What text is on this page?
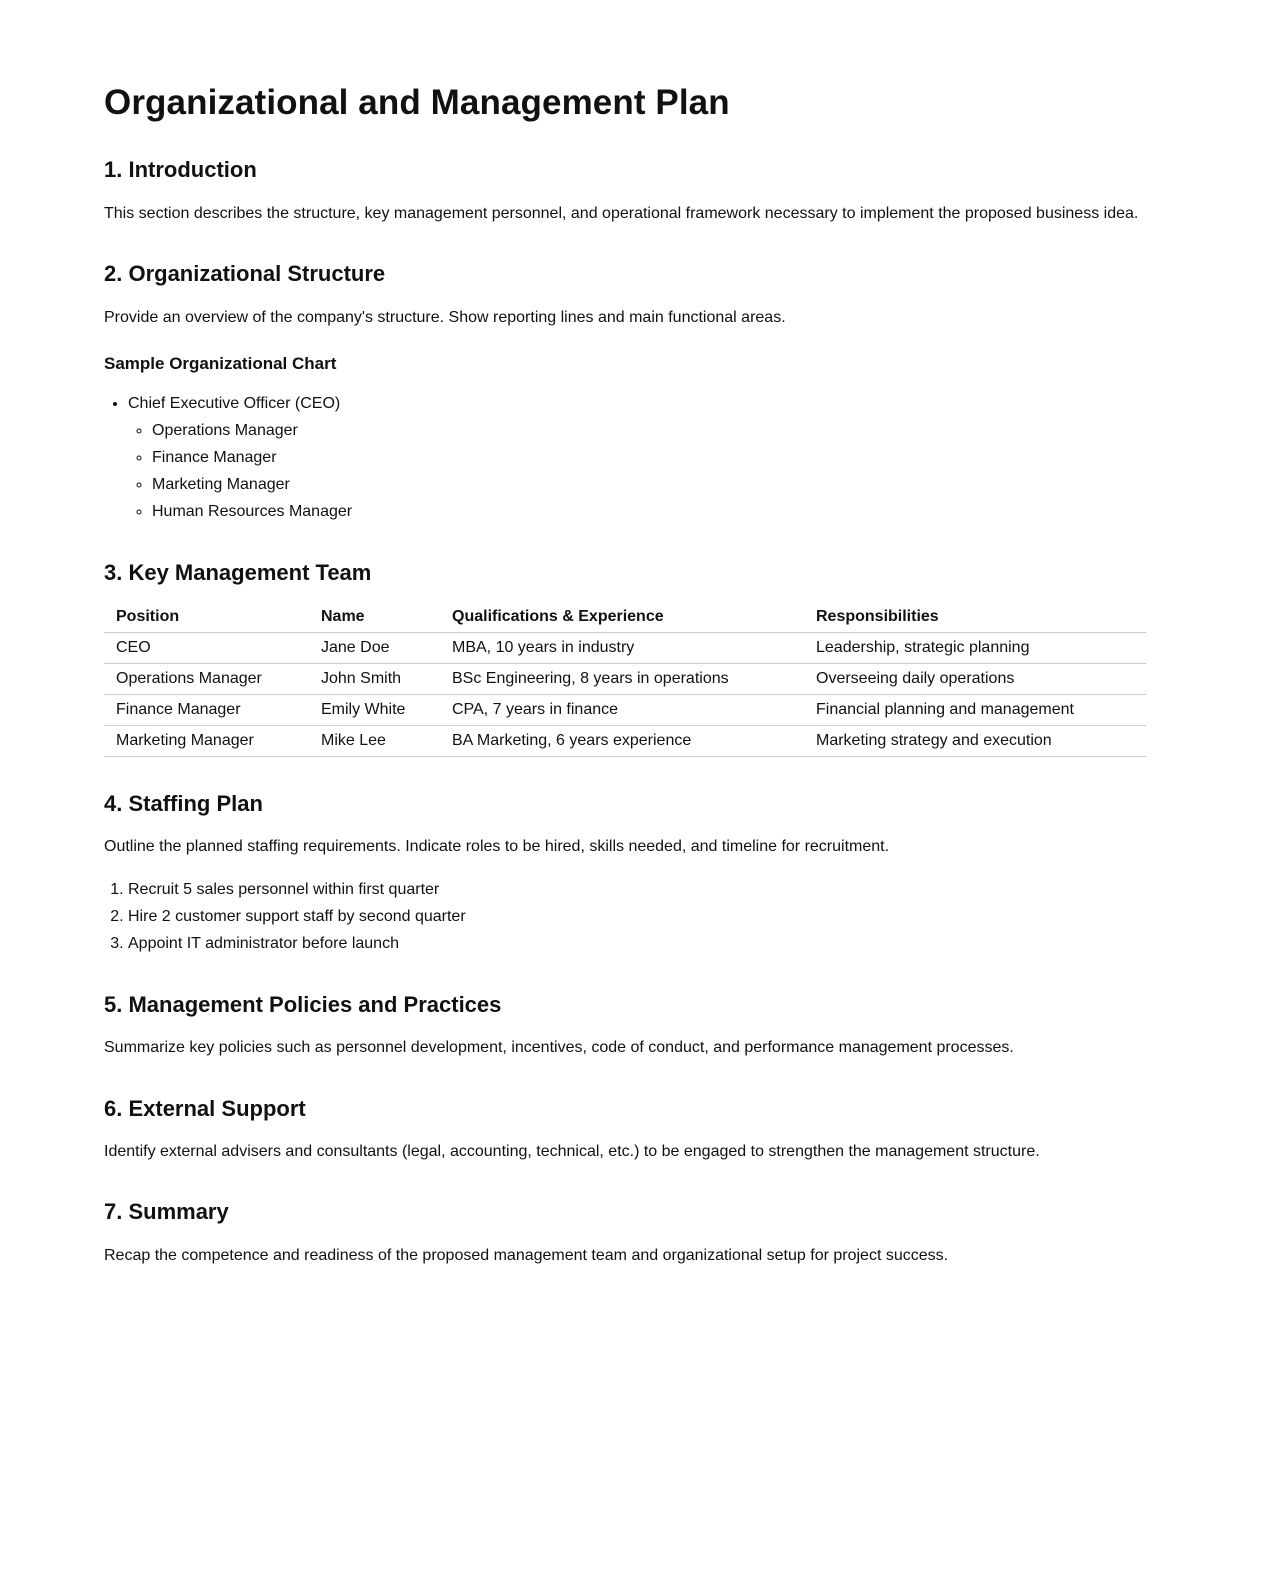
Organizational and Management Plan
1. Introduction

This section describes the structure, key management personnel, and operational framework necessary to implement the proposed business idea.

2. Organizational Structure

Provide an overview of the company's structure. Show reporting lines and main functional areas.

Sample Organizational Chart
• Chief Executive Officer (CEO)
◦ Operations Manager
◦ Finance Manager
◦ Marketing Manager
◦ Human Resources Manager
3. Key Management Team
Position	Name	Qualifications & Experience	Responsibilities
CEO	Jane Doe	MBA, 10 years in industry	Leadership, strategic planning
Operations Manager	John Smith	BSc Engineering, 8 years in operations	Overseeing daily operations
Finance Manager	Emily White	CPA, 7 years in finance	Financial planning and management
Marketing Manager	Mike Lee	BA Marketing, 6 years experience	Marketing strategy and execution
4. Staffing Plan

Outline the planned staffing requirements. Indicate roles to be hired, skills needed, and timeline for recruitment.

1. Recruit 5 sales personnel within first quarter
2. Hire 2 customer support staff by second quarter
3. Appoint IT administrator before launch
5. Management Policies and Practices

Summarize key policies such as personnel development, incentives, code of conduct, and performance management processes.

6. External Support

Identify external advisers and consultants (legal, accounting, technical, etc.) to be engaged to strengthen the management structure.

7. Summary

Recap the competence and readiness of the proposed management team and organizational setup for project success.
